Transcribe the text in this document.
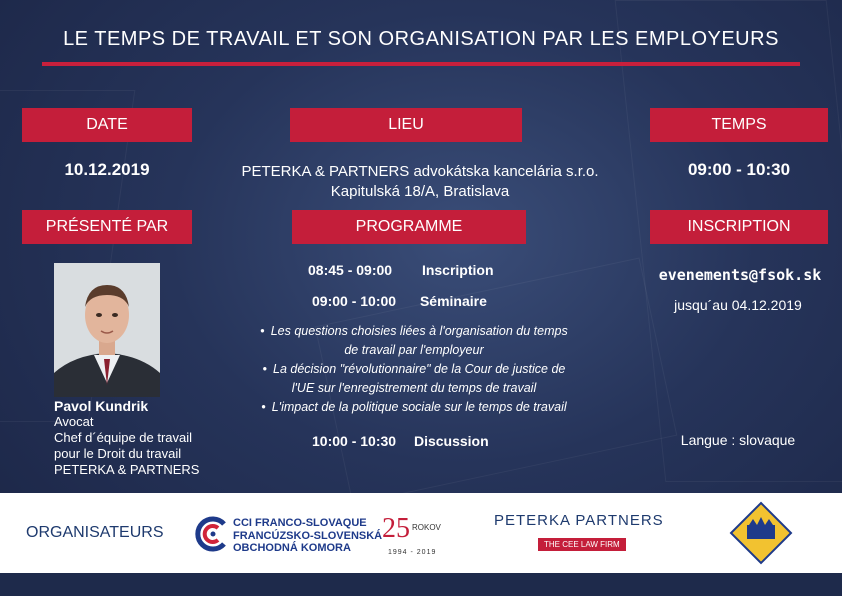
LE TEMPS DE TRAVAIL ET SON ORGANISATION PAR LES EMPLOYEURS
DATE	LIEU	TEMPS
PRÉSENTÉ PAR	PROGRAMME	INSCRIPTION
10.12.2019	PETERKA & PARTNERS advokátska kancelária s.r.o.
Kapitulská 18/A, Bratislava
09:00 - 10:30
Pavol Kundrik
Avocat
Chef d´équipe de travail
pour le Droit du travail
PETERKA & PARTNERS
08:45 - 09:00 Inscription
09:00 - 10:00 Séminaire
• Les questions choisies liées à l'organisation du temps
de travail par l'employeur
• La décision "révolutionnaire" de la Cour de justice de
l'UE sur l'enregistrement du temps de travail
• L'impact de la politique sociale sur le temps de travail
10:00 - 10:30 Discussion
evenements@fsok.sk
jusqu´au 04.12.2019
Langue : slovaque
ORGANISATEURS
CCI FRANCO-SLOVAQUE
FRANCÚZSKO-SLOVENSKÁ
OBCHODNÁ KOMORA
25 ROKOV
1994 - 2019
PETERKA PARTNERS
THE CEE LAW FIRM
